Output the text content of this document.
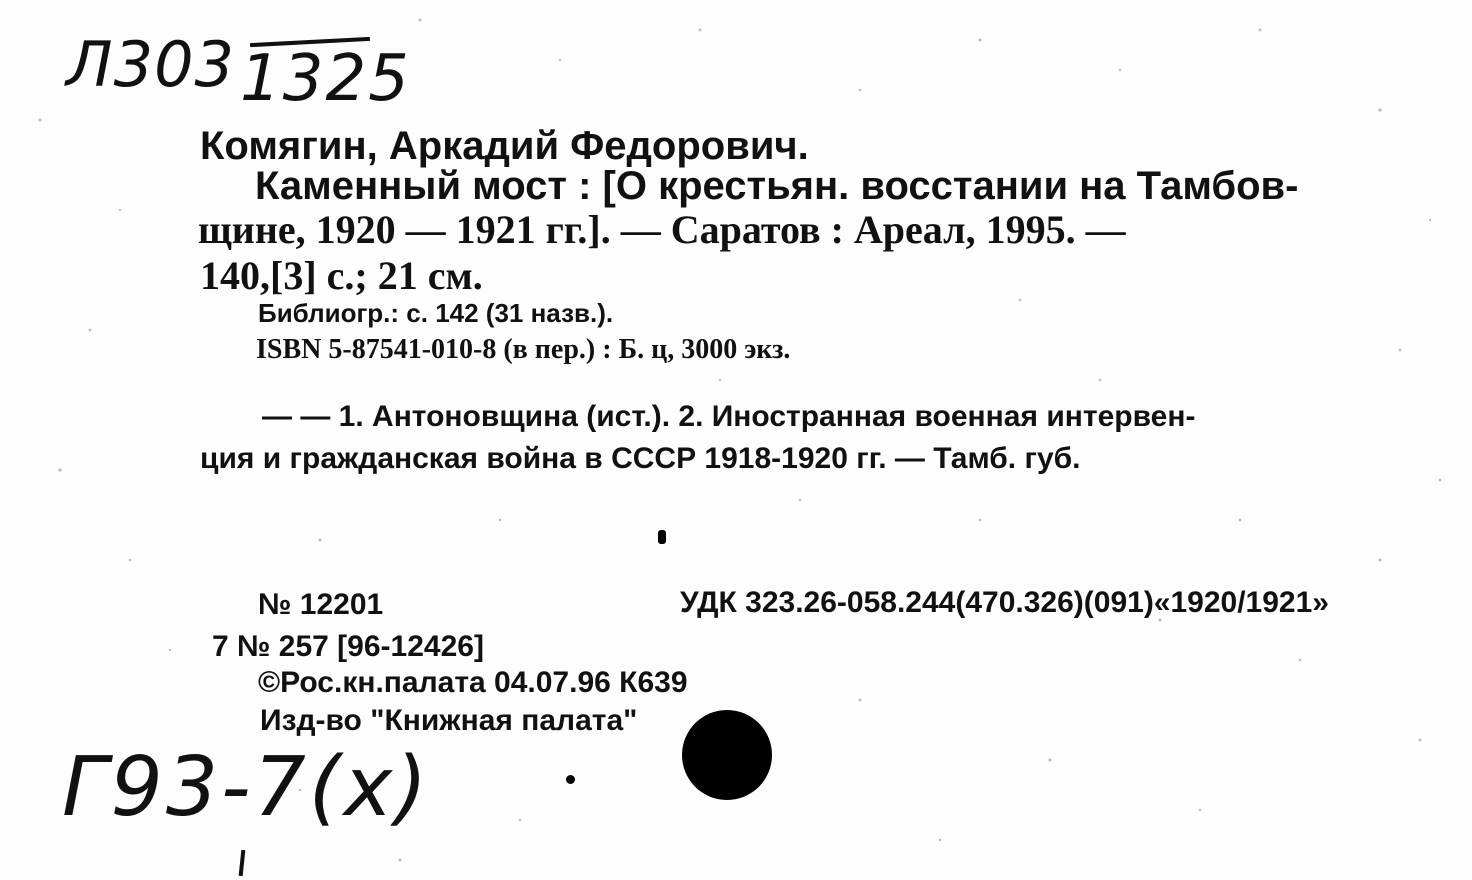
Л303 1325
Комягин, Аркадий Федорович.
Каменный мост : [О крестьян. восстании на Тамбов-
щине, 1920 — 1921 гг.]. — Саратов : Ареал, 1995. —
140,[3] с.; 21 см.
Библиогр.: с. 142 (31 назв.).
ISBN 5-87541-010-8 (в пер.) : Б. ц, 3000 экз.
— — 1. Антоновщина (ист.). 2. Иностранная военная интервен-
ция и гражданская война в СССР 1918-1920 гг. — Тамб. губ.
№ 12201	УДК 323.26-058.244(470.326)(091)«1920/1921»
7 № 257 [96-12426]
©Рос.кн.палата 04.07.96 К639
Изд-во "Книжная палата"
Г93-7(х)
